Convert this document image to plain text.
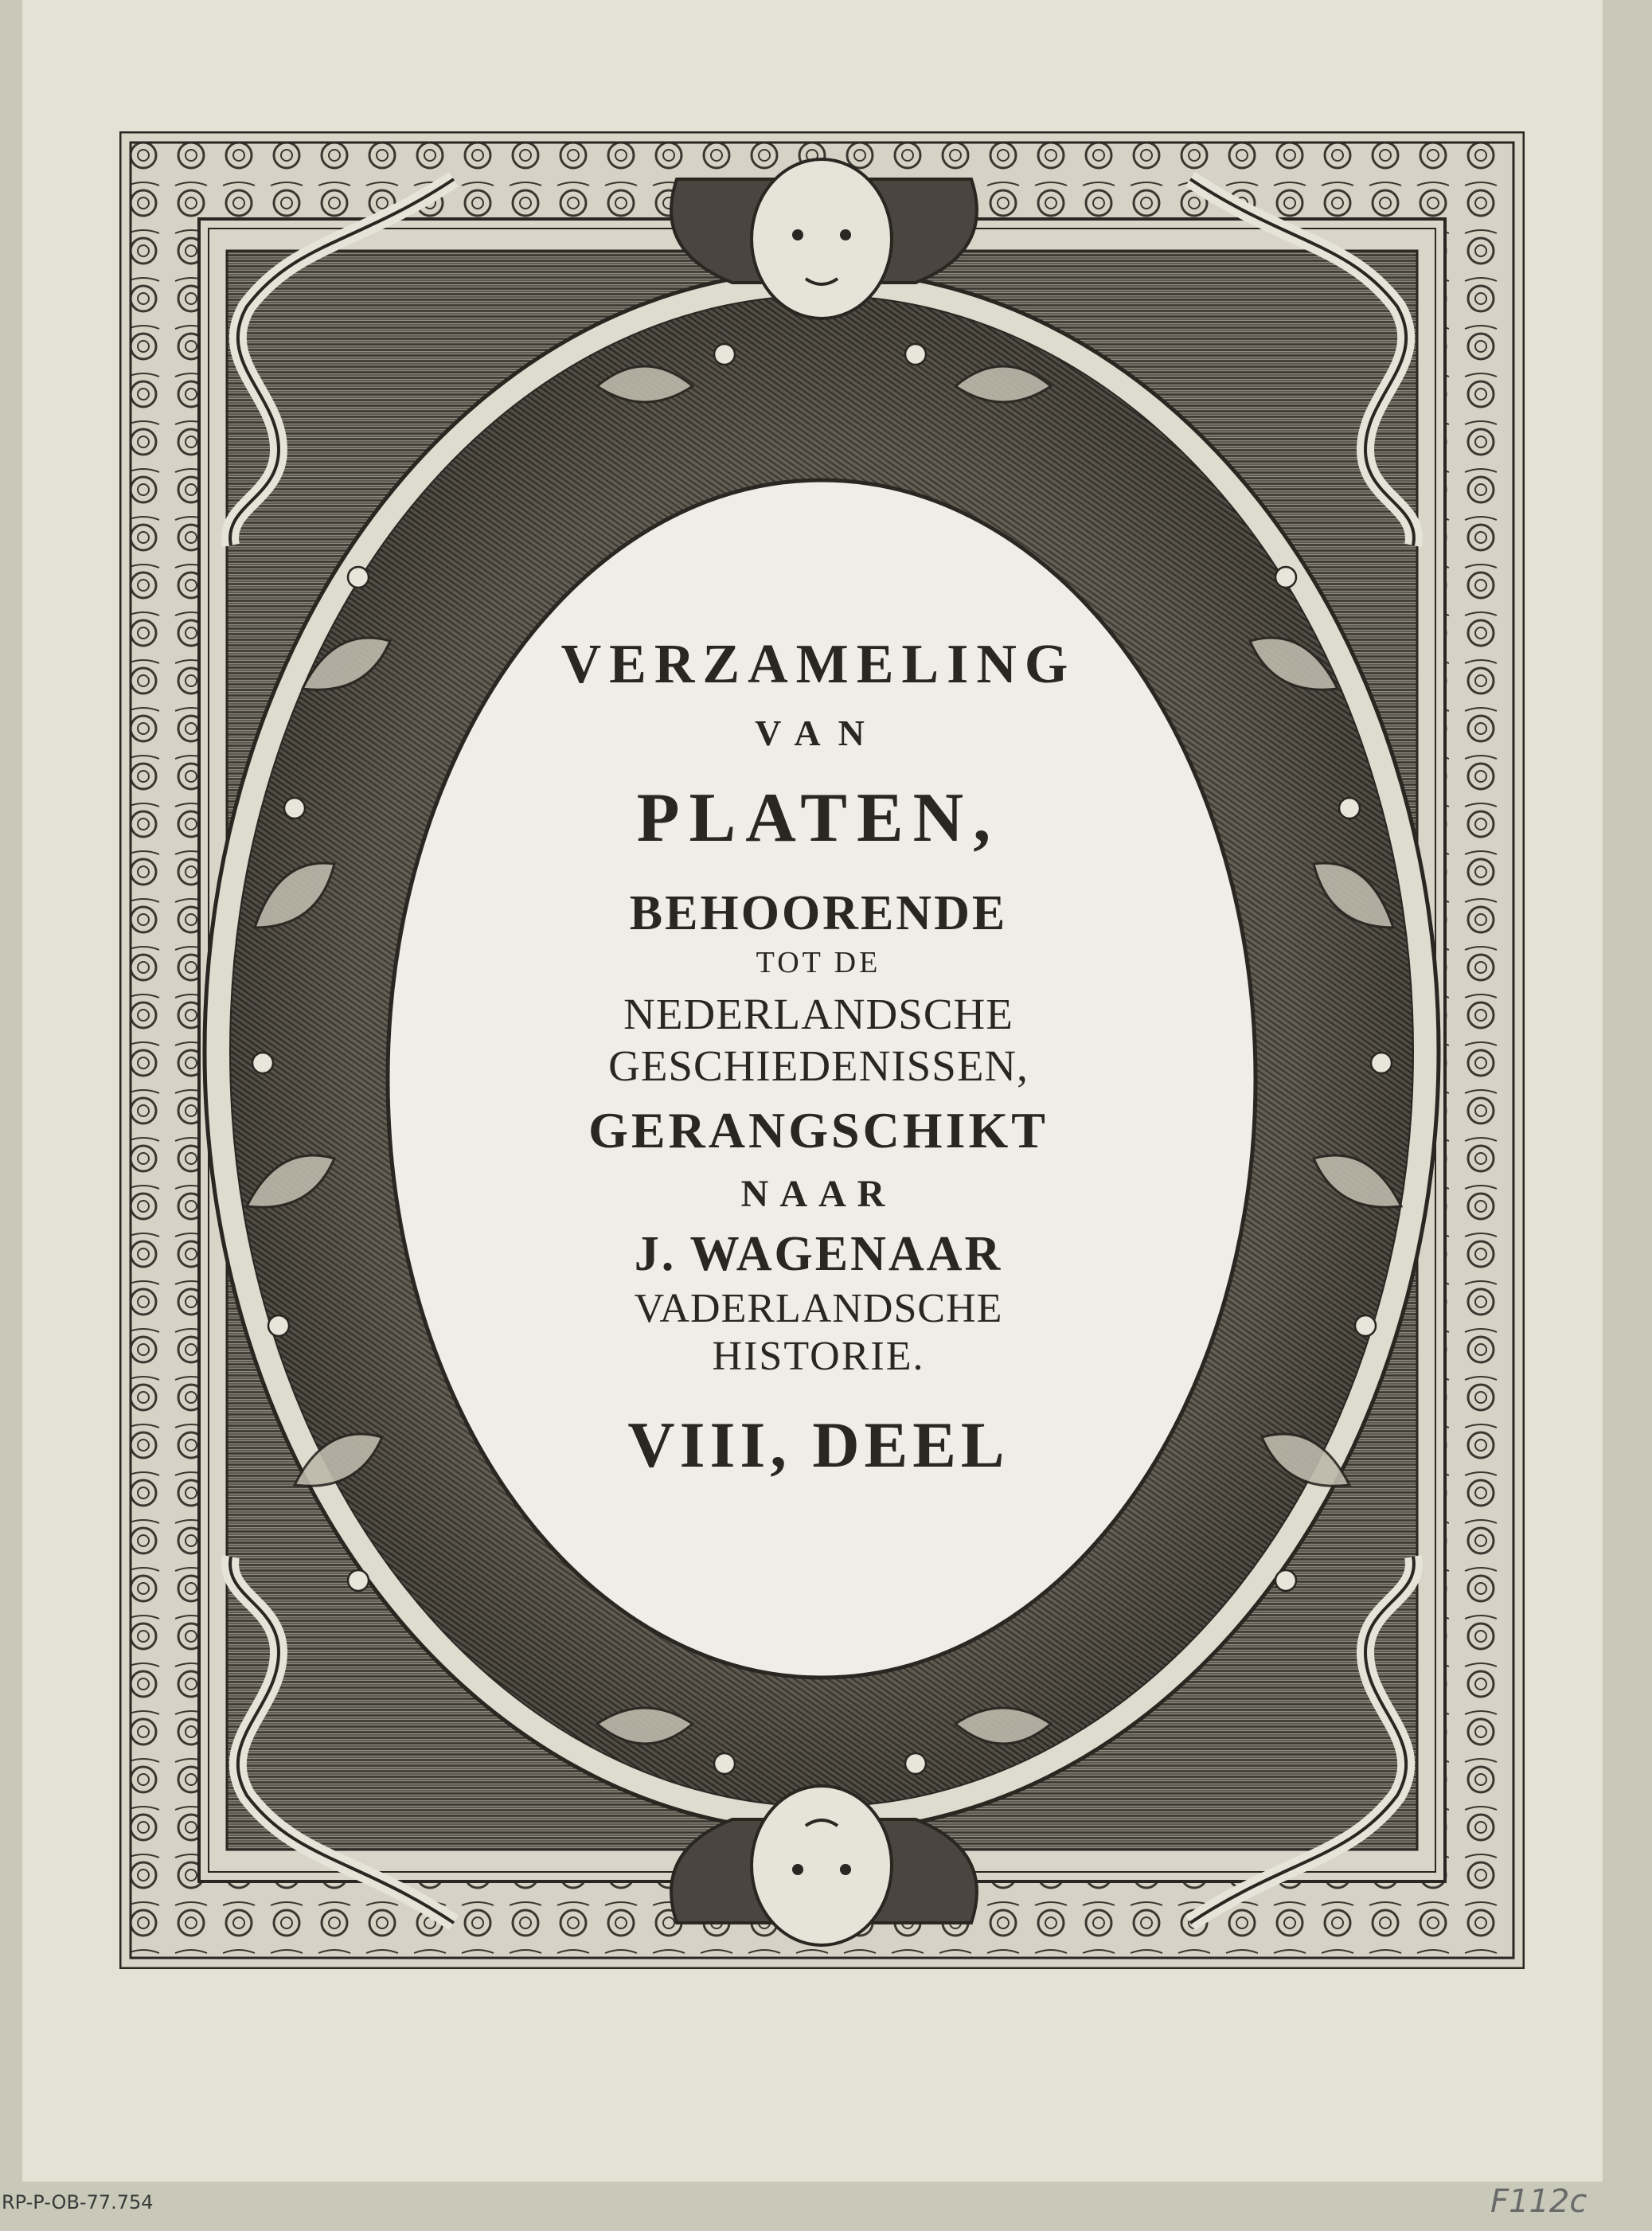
VERZAMELING
VAN
PLATEN,
BEHOORENDE
TOT DE
NEDERLANDSCHE
GESCHIEDENISSEN,
GERANGSCHIKT
NAAR
J. WAGENAAR
VADERLANDSCHE
HISTORIE.
VIII, DEEL
RP-P-OB-77.754	F112c
